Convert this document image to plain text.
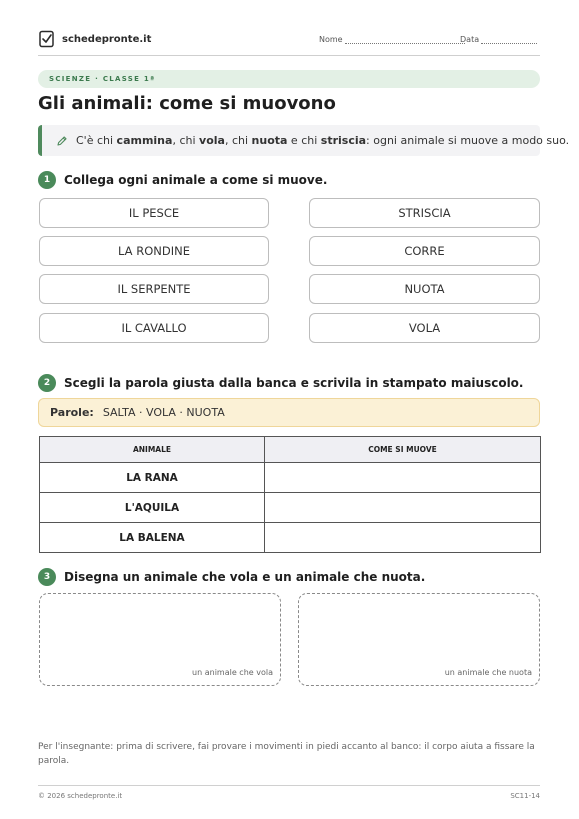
schedepronte.it	Nome	Data
SCIENZE · CLASSE 1ª
Gli animali: come si muovono
C'è chi cammina, chi vola, chi nuota e chi striscia: ogni animale si muove a modo suo.
1	Collega ogni animale a come si muove.
IL PESCE
LA RONDINE
IL SERPENTE
IL CAVALLO
STRISCIA
CORRE
NUOTA
VOLA
2	Scegli la parola giusta dalla banca e scrivila in stampato maiuscolo.
Parole: SALTA · VOLA · NUOTA
ANIMALE	COME SI MUOVE
LA RANA	
L'AQUILA	
LA BALENA	
3	Disegna un animale che vola e un animale che nuota.
un animale che vola	un animale che nuota
Per l'insegnante: prima di scrivere, fai provare i movimenti in piedi accanto al banco: il corpo aiuta a fissare la parola.
© 2026 schedepronte.it	SC11-14
